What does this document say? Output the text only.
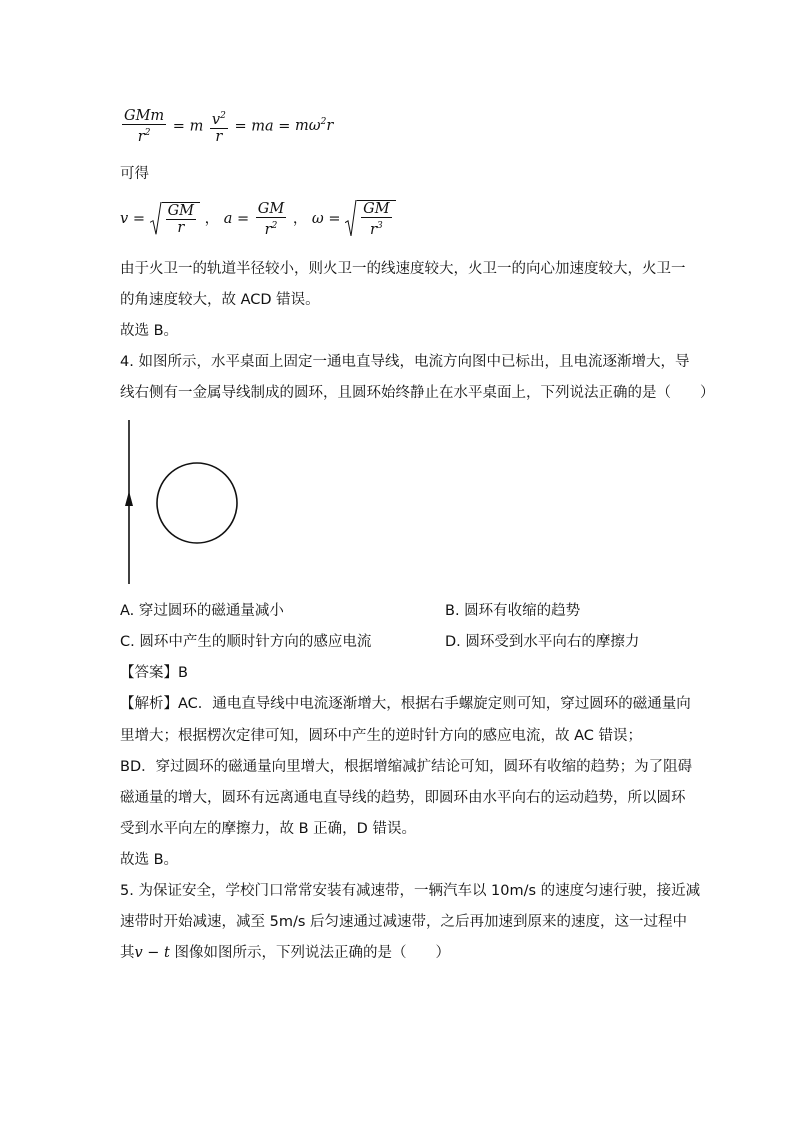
$\frac{\text{GMm}}{r^2} = m \frac{v^2}{r}$ = ma = $m\omega^2r$
可得
$v = \frac{GM}{r}$ ， $a = \frac{GM}{r^2}$ ， $\omega = \frac{GM}{r^3}$
由于火卫一的轨道半径较小，则火卫一的线速度较大，火卫一的向心加速度较大，火卫一
的角速度较大，故 ACD 错误。
故选 B。
4. 如图所示，水平桌面上固定一通电直导线，电流方向图中已标出，且电流逐渐增大，导
线右侧有一金属导线制成的圆环，且圆环始终静止在水平桌面上，下列说法正确的是（　　）
A. 穿过圆环的磁通量减小	B. 圆环有收缩的趋势
C. 圆环中产生的顺时针方向的感应电流	D. 圆环受到水平向右的摩擦力
【答案】B
【解析】AC．通电直导线中电流逐渐增大，根据右手螺旋定则可知，穿过圆环的磁通量向
里增大；根据楞次定律可知，圆环中产生的逆时针方向的感应电流，故 AC 错误；
BD．穿过圆环的磁通量向里增大，根据增缩减扩结论可知，圆环有收缩的趋势；为了阻碍
磁通量的增大，圆环有远离通电直导线的趋势，即圆环由水平向右的运动趋势，所以圆环
受到水平向左的摩擦力，故 B 正确，D 错误。
故选 B。
5. 为保证安全，学校门口常常安装有减速带，一辆汽车以 10m/s 的速度匀速行驶，接近减
速带时开始减速，减至 5m/s 后匀速通过减速带，之后再加速到原来的速度，这一过程中
其v − t 图像如图所示，下列说法正确的是（　　）
